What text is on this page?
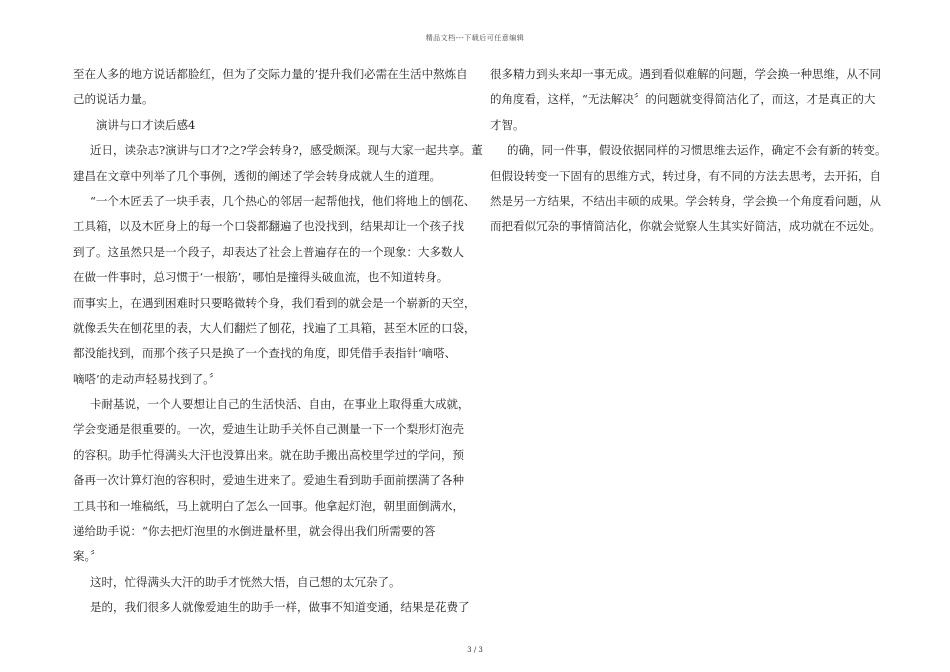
精品文档---下载后可任意编辑
至在人多的地方说话都脸红，但为了交际力量的’提升我们必需在生活中熬炼自
己的说话力量。
演讲与口才读后感4
近日，读杂志?演讲与口才?之?学会转身?，感受颇深。现与大家一起共享。董
建昌在文章中列举了几个事例，透彻的阐述了学会转身成就人生的道理。
“一个木匠丢了一块手表，几个热心的邻居一起帮他找，他们将地上的刨花、
工具箱，以及木匠身上的每一个口袋都翻遍了也没找到，结果却让一个孩子找
到了。这虽然只是一个段子，却表达了社会上普遍存在的一个现象：大多数人
在做一件事时，总习惯于‘一根筋’，哪怕是撞得头破血流，也不知道转身。
而事实上，在遇到困难时只要略微转个身，我们看到的就会是一个崭新的天空，
就像丢失在刨花里的表，大人们翻烂了刨花，找遍了工具箱，甚至木匠的口袋，
都没能找到，而那个孩子只是换了一个查找的角度，即凭借手表指针‘嘀嗒、
嘀嗒’的走动声轻易找到了。〞
卡耐基说，一个人要想让自己的生活快活、自由，在事业上取得重大成就，
学会变通是很重要的。一次，爱迪生让助手关怀自己测量一下一个梨形灯泡壳
的容积。助手忙得满头大汗也没算出来。就在助手搬出高校里学过的学问，预
备再一次计算灯泡的容积时，爱迪生进来了。爱迪生看到助手面前摆满了各种
工具书和一堆稿纸，马上就明白了怎么一回事。他拿起灯泡，朝里面倒满水，
递给助手说：“你去把灯泡里的水倒进量杯里，就会得出我们所需要的答
案。〞
这时，忙得满头大汗的助手才恍然大悟，自己想的太冗杂了。
是的，我们很多人就像爱迪生的助手一样，做事不知道变通，结果是花费了
很多精力到头来却一事无成。遇到看似难解的问题，学会换一种思维，从不同
的角度看，这样，“无法解决〞的问题就变得简洁化了，而这，才是真正的大
才智。
的确，同一件事，假设依据同样的习惯思维去运作，确定不会有新的转变。
但假设转变一下固有的思维方式，转过身，有不同的方法去思考，去开拓，自
然是另一方结果，不结出丰硕的成果。学会转身，学会换一个角度看问题，从
而把看似冗杂的事情简洁化，你就会觉察人生其实好简洁，成功就在不远处。
3 / 3
